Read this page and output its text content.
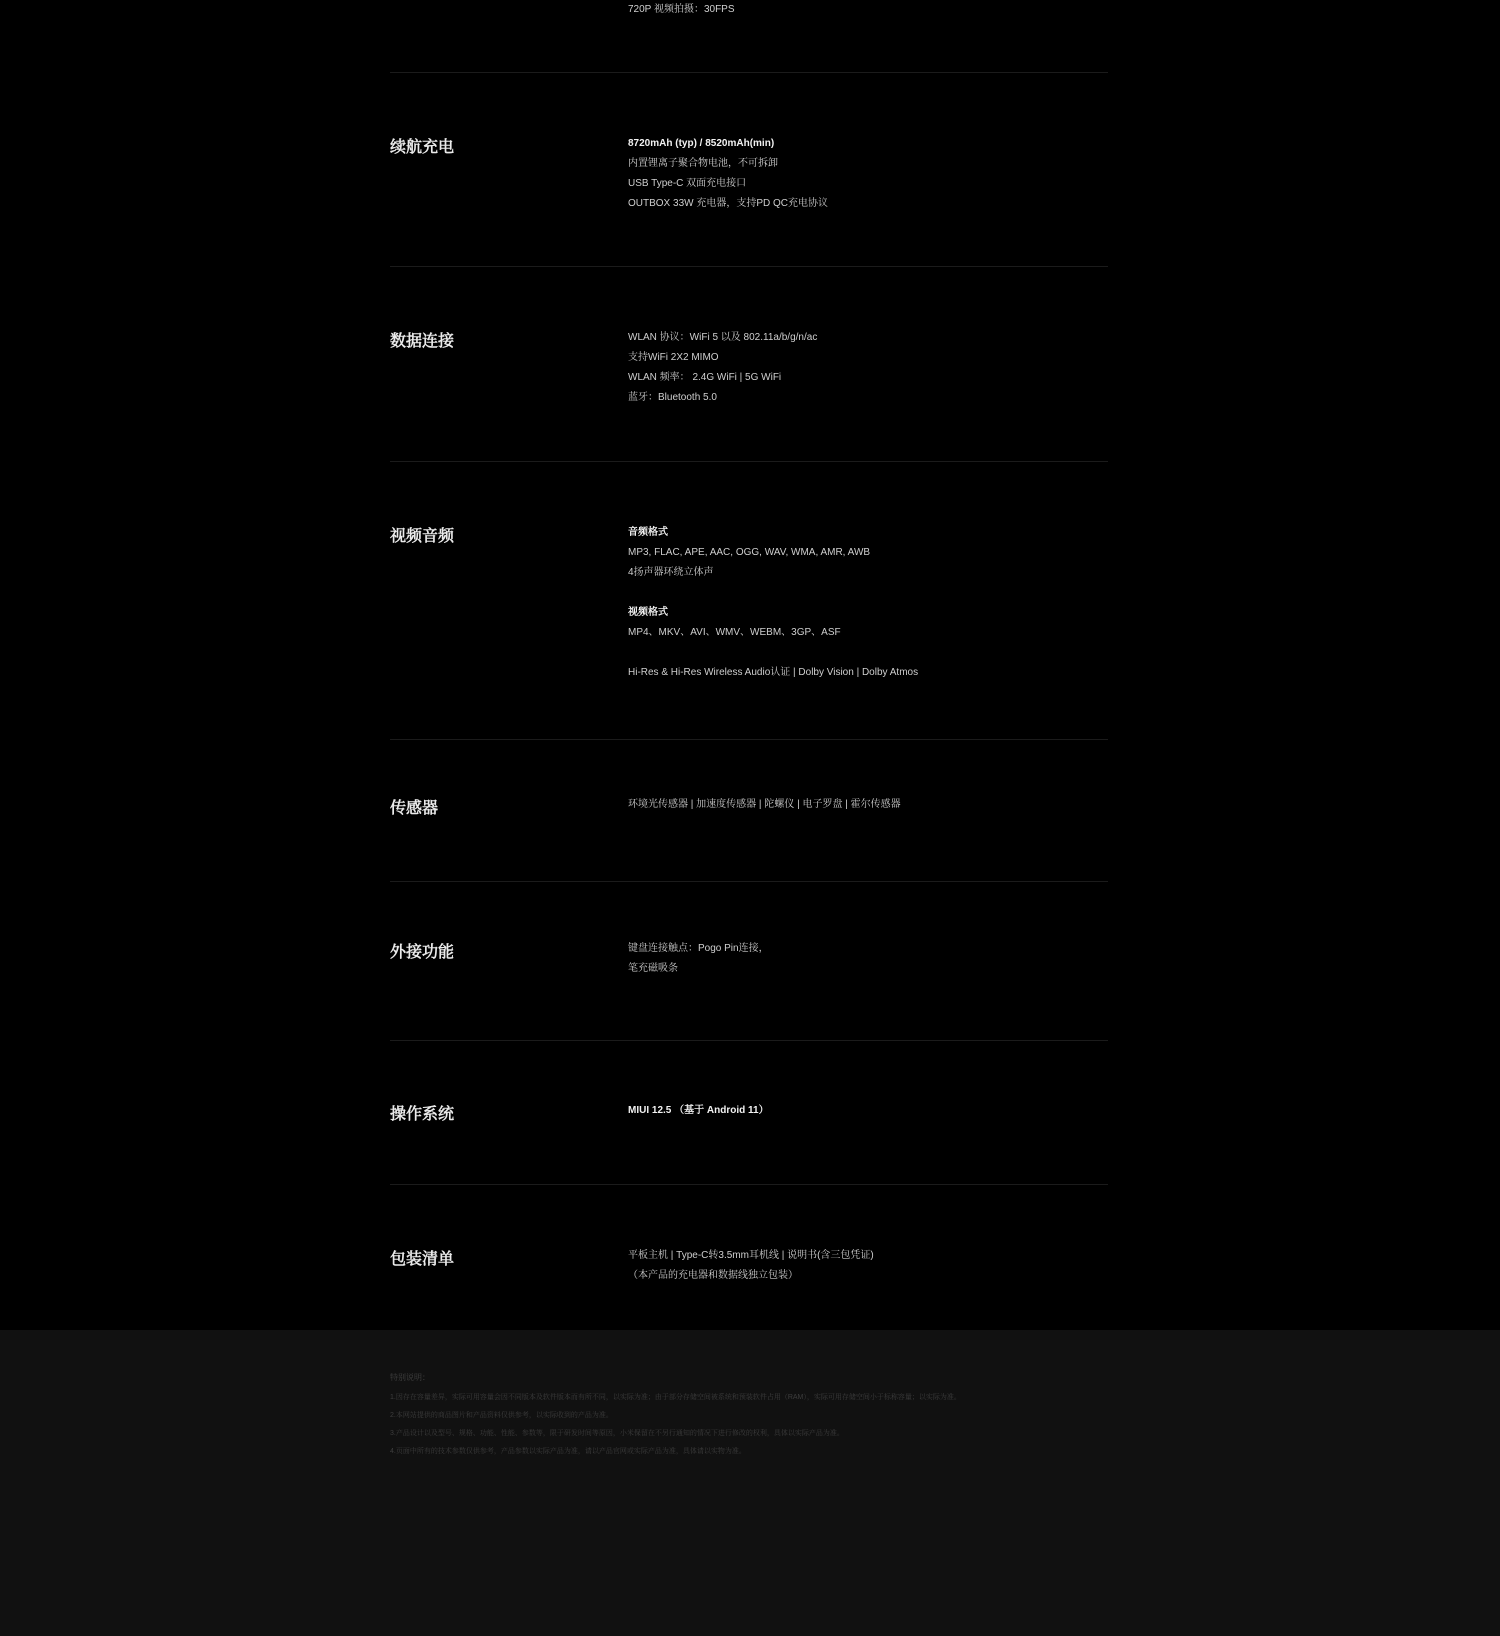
720P 视频拍摄：30FPS
续航充电	8720mAh (typ) / 8520mAh(min)
内置锂离子聚合物电池，不可拆卸
USB Type-C 双面充电接口
OUTBOX 33W 充电器，支持PD QC充电协议
数据连接	WLAN 协议：WiFi 5 以及 802.11a/b/g/n/ac
支持WiFi 2X2 MIMO
WLAN 频率： 2.4G WiFi | 5G WiFi
蓝牙：Bluetooth 5.0
视频音频	音频格式
MP3, FLAC, APE, AAC, OGG, WAV, WMA, AMR, AWB
4扬声器环绕立体声
视频格式
MP4、MKV、AVI、WMV、WEBM、3GP、ASF
Hi-Res & Hi-Res Wireless Audio认证 | Dolby Vision | Dolby Atmos
传感器	环境光传感器 | 加速度传感器 | 陀螺仪 | 电子罗盘 | 霍尔传感器
外接功能	键盘连接触点：Pogo Pin连接，
笔充磁吸条
操作系统	MIUI 12.5 （基于 Android 11）
包装清单	平板主机 | Type-C转3.5mm耳机线 | 说明书(含三包凭证)
（本产品的充电器和数据线独立包装）
特别说明：
1.因存在容量差异，实际可用容量会因不同版本及软件版本而有所不同，以实际为准；由于部分存储空间被系统和预装软件占用（RAM），实际可用存储空间小于标称容量；以实际为准。
2.本网站提供的商品图片和产品资料仅供参考，以实际收到的产品为准。
3.产品设计以及型号、规格、功能、性能、参数等，限于研发时间等原因，小米保留在不另行通知的情况下进行修改的权利，具体以实际产品为准。
4.页面中所有的技术参数仅供参考，产品参数以实际产品为准，请以产品官网或实际产品为准，具体请以实物为准。
